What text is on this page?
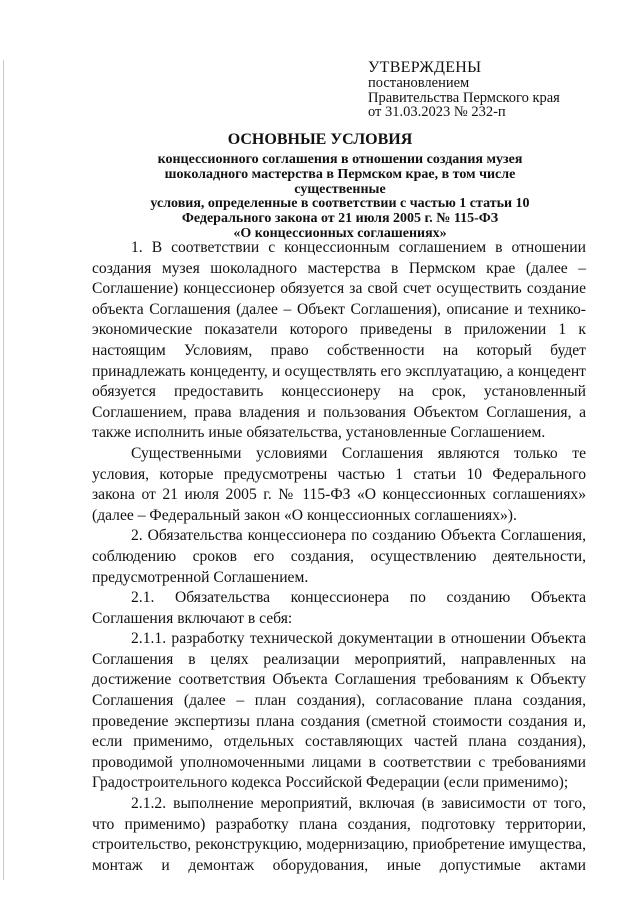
УТВЕРЖДЕНЫ
постановлением
Правительства Пермского края
от 31.03.2023 № 232-п
ОСНОВНЫЕ УСЛОВИЯ
концессионного соглашения в отношении создания музея
шоколадного мастерства в Пермском крае, в том числе существенные
условия, определенные в соответствии с частью 1 статьи 10
Федерального закона от 21 июля 2005 г. № 115-ФЗ
«О концессионных соглашениях»

1. В соответствии с концессионным соглашением в отношении создания музея шоколадного мастерства в Пермском крае (далее – Соглашение) концессионер обязуется за свой счет осуществить создание объекта Соглашения (далее – Объект Соглашения), описание и технико-экономические показатели которого приведены в приложении 1 к настоящим Условиям, право собственности на который будет принадлежать концеденту, и осуществлять его эксплуатацию, а концедент обязуется предоставить концессионеру на срок, установленный Соглашением, права владения и пользования Объектом Соглашения, а также исполнить иные обязательства, установленные Соглашением.

Существенными условиями Соглашения являются только те условия, которые предусмотрены частью 1 статьи 10 Федерального закона от 21 июля 2005 г. № 115-ФЗ «О концессионных соглашениях» (далее – Федеральный закон «О концессионных соглашениях»).

2. Обязательства концессионера по созданию Объекта Соглашения, соблюдению сроков его создания, осуществлению деятельности, предусмотренной Соглашением.

2.1. Обязательства концессионера по созданию Объекта Соглашения включают в себя:

2.1.1. разработку технической документации в отношении Объекта Соглашения в целях реализации мероприятий, направленных на достижение соответствия Объекта Соглашения требованиям к Объекту Соглашения (далее – план создания), согласование плана создания, проведение экспертизы плана создания (сметной стоимости создания и, если применимо, отдельных составляющих частей плана создания), проводимой уполномоченными лицами в соответствии с требованиями Градостроительного кодекса Российской Федерации (если применимо);

2.1.2. выполнение мероприятий, включая (в зависимости от того, что применимо) разработку плана создания, подготовку территории, строительство, реконструкцию, модернизацию, приобретение имущества, монтаж и демонтаж оборудования, иные допустимые актами
